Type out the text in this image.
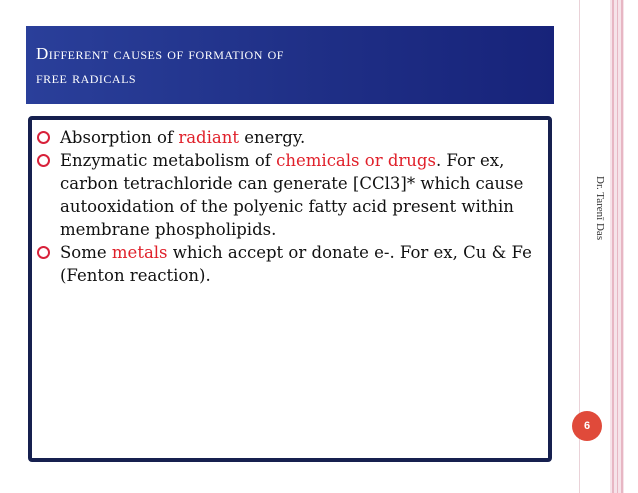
Different causes of formation of
free radicals
Absorption of radiant energy.
Enzymatic metabolism of chemicals or drugs. For ex, carbon tetrachloride can generate [CCl3]* which cause autooxidation of the polyenic fatty acid present within membrane phospholipids.
Some metals which accept or donate e-. For ex, Cu & Fe (Fenton reaction).
Dr. Tarenī Das
6
